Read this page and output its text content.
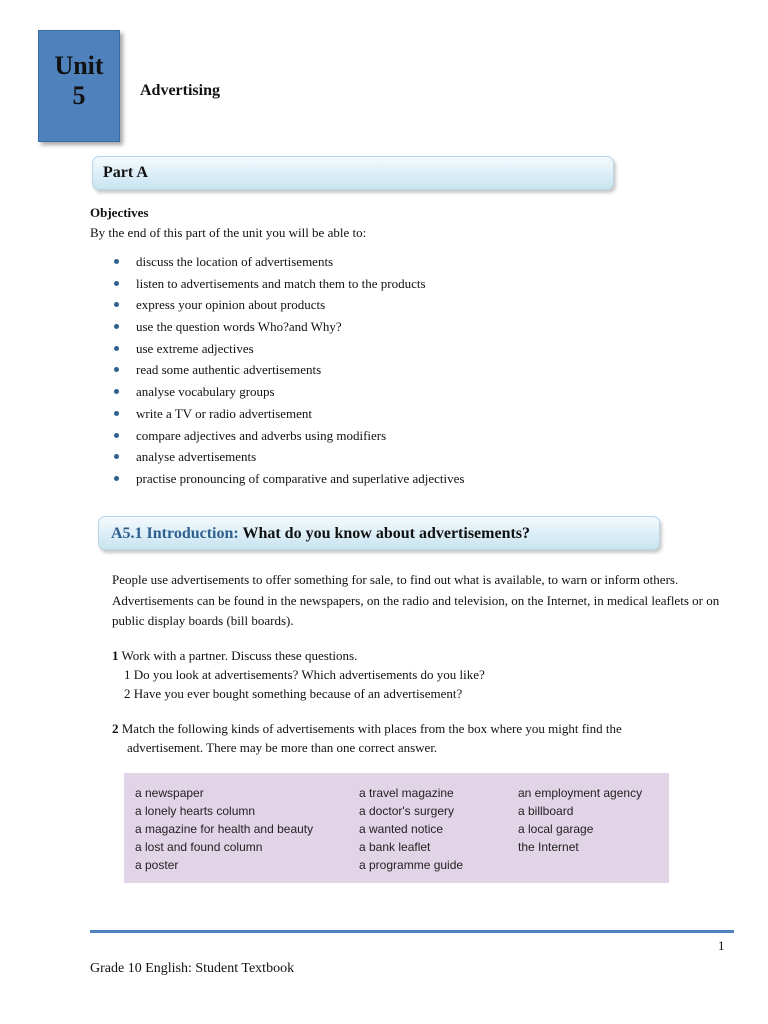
Unit
5	Advertising
Part A
Objectives
By the end of this part of the unit you will be able to:
discuss the location of advertisements
listen to advertisements and match them to the products
express your opinion about products
use the question words Who?and Why?
use extreme adjectives
read some authentic advertisements
analyse vocabulary groups
write a TV or radio advertisement
compare adjectives and adverbs using modifiers
analyse advertisements
practise pronouncing of comparative and superlative adjectives
A5.1 Introduction: What do you know about advertisements?
People use advertisements to offer something for sale, to find out what is available, to warn or inform others. Advertisements can be found in the newspapers, on the radio and television, on the Internet, in medical leaflets or on public display boards (bill boards).
1 Work with a partner. Discuss these questions.
1 Do you look at advertisements? Which advertisements do you like?
2 Have you ever bought something because of an advertisement?
2 Match the following kinds of advertisements with places from the box where you might find the
advertisement. There may be more than one correct answer.
a newspaper
a lonely hearts column
a magazine for health and beauty
a lost and found column
a poster
a travel magazine
a doctor's surgery
a wanted notice
a bank leaflet
a programme guide
an employment agency
a billboard
a local garage
the Internet
1
Grade 10 English: Student Textbook
